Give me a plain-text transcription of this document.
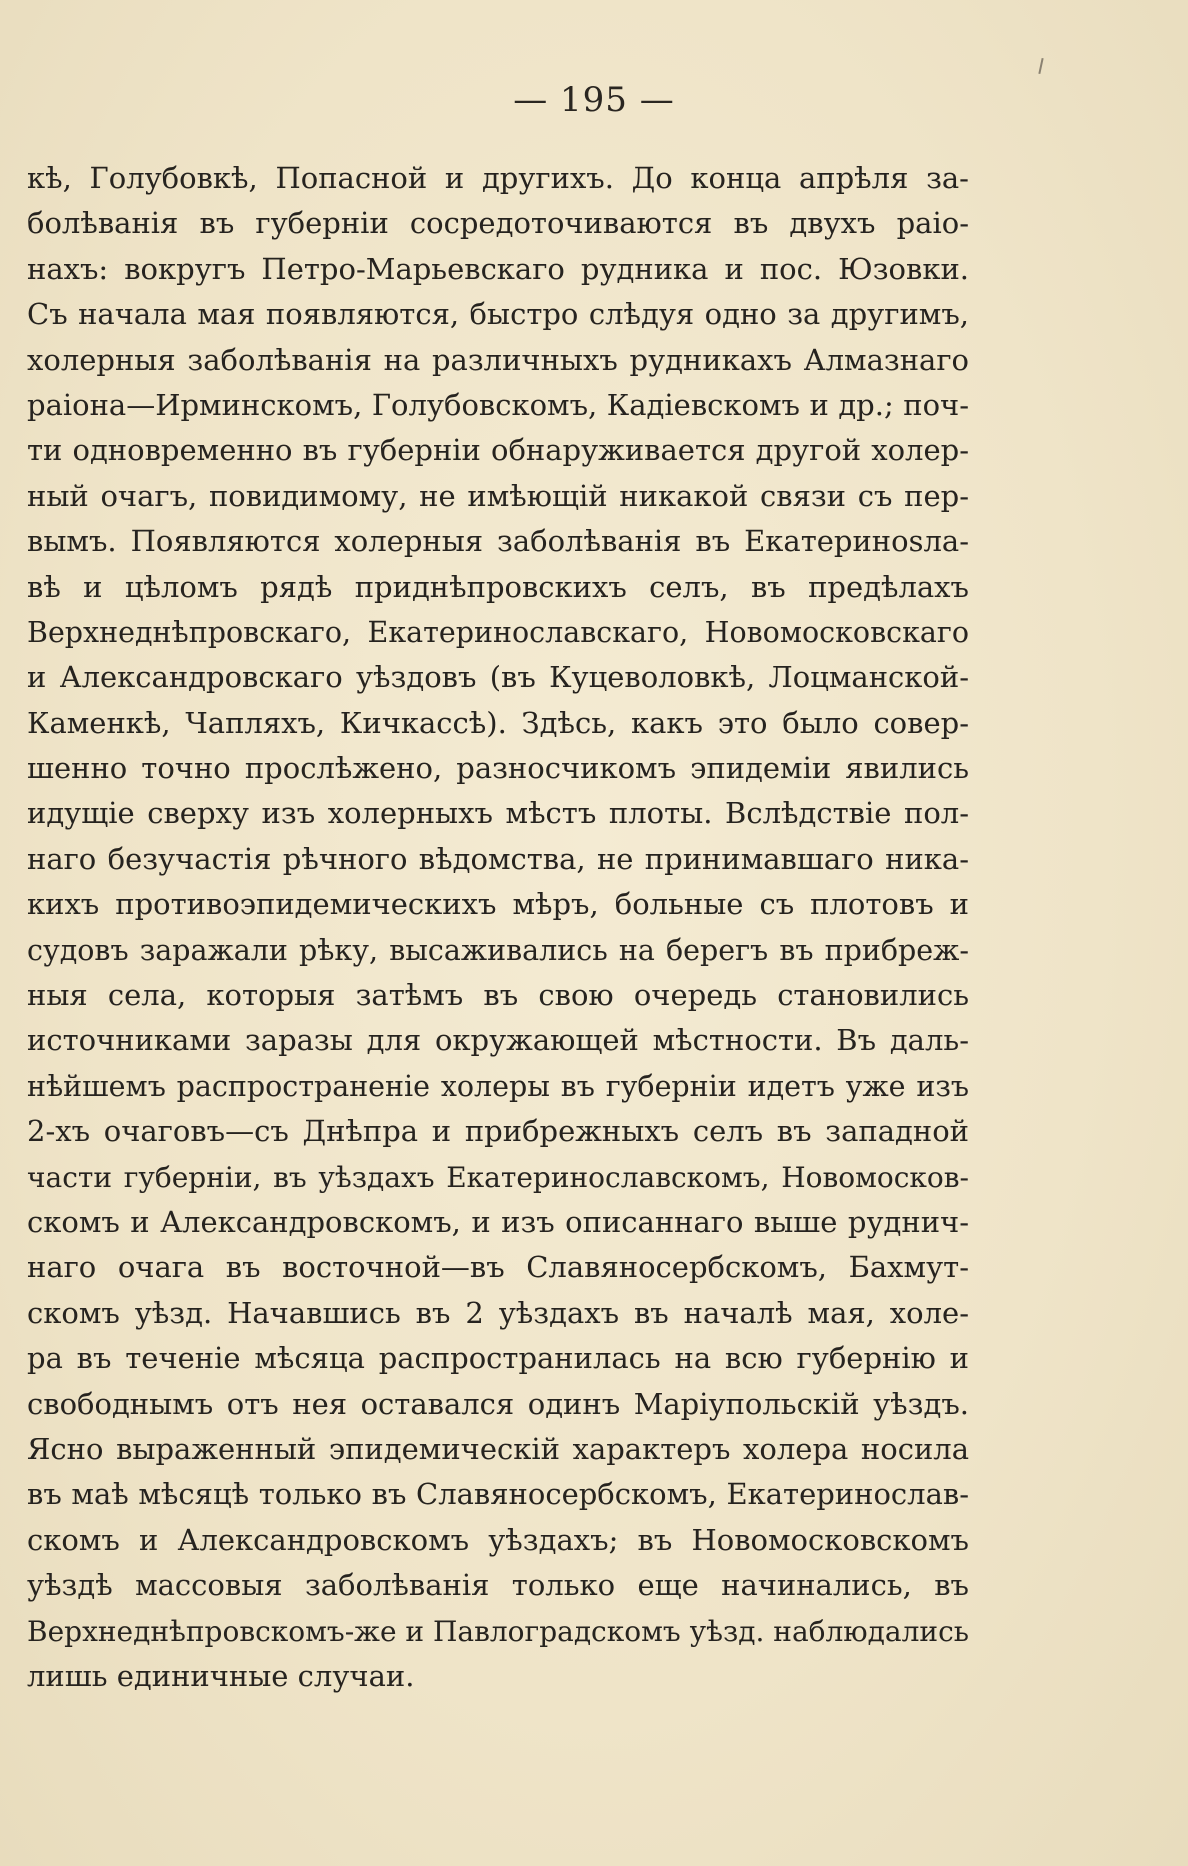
— 195 —
кѣ, Голубовкѣ, Попасной и другихъ. До конца апрѣля за-
болѣванія въ губерніи сосредоточиваются въ двухъ раіо-
нахъ: вокругъ Петро-Марьевскаго рудника и пос. Юзовки.
Съ начала мая появляются, быстро слѣдуя одно за другимъ,
холерныя заболѣванія на различныхъ рудникахъ Алмазнаго
раіона—Ирминскомъ, Голубовскомъ, Кадіевскомъ и др.; поч-
ти одновременно въ губерніи обнаруживается другой холер-
ный очагъ, повидимому, не имѣющій никакой связи съ пер-
вымъ. Появляются холерныя заболѣванія въ Екатеринosла-
вѣ и цѣломъ рядѣ приднѣпровскихъ селъ, въ предѣлахъ
Верхнеднѣпровскаго, Екатеринославскаго, Новомосковскаго
и Александровскаго уѣздовъ (въ Куцеволовкѣ, Лоцманской-
Каменкѣ, Чапляхъ, Кичкассѣ). Здѣсь, какъ это было совер-
шенно точно прослѣжено, разносчикомъ эпидеміи явились
идущіе сверху изъ холерныхъ мѣстъ плоты. Вслѣдствіе пол-
наго безучастія рѣчного вѣдомства, не принимавшаго ника-
кихъ противоэпидемическихъ мѣръ, больные съ плотовъ и
судовъ заражали рѣку, высаживались на берегъ въ прибреж-
ныя села, которыя затѣмъ въ свою очередь становились
источниками заразы для окружающей мѣстности. Въ даль-
нѣйшемъ распространеніе холеры въ губерніи идетъ уже изъ
2-хъ очаговъ—съ Днѣпра и прибрежныхъ селъ въ западной
части губерніи, въ уѣздахъ Екатеринославскомъ, Новомосков-
скомъ и Александровскомъ, и изъ описаннаго выше руднич-
наго очага въ восточной—въ Славяносербскомъ, Бахмут-
скомъ уѣзд. Начавшись въ 2 уѣздахъ въ началѣ мая, холе-
ра въ теченіе мѣсяца распространилась на всю губернію и
свободнымъ отъ нея оставался одинъ Маріупольскій уѣздъ.
Ясно выраженный эпидемическій характеръ холера носила
въ маѣ мѣсяцѣ только въ Славяносербскомъ, Екатеринослав-
скомъ и Александровскомъ уѣздахъ; въ Новомосковскомъ
уѣздѣ массовыя заболѣванія только еще начинались, въ
Верхнеднѣпровскомъ-же и Павлоградскомъ уѣзд. наблюдались
лишь единичные случаи.
